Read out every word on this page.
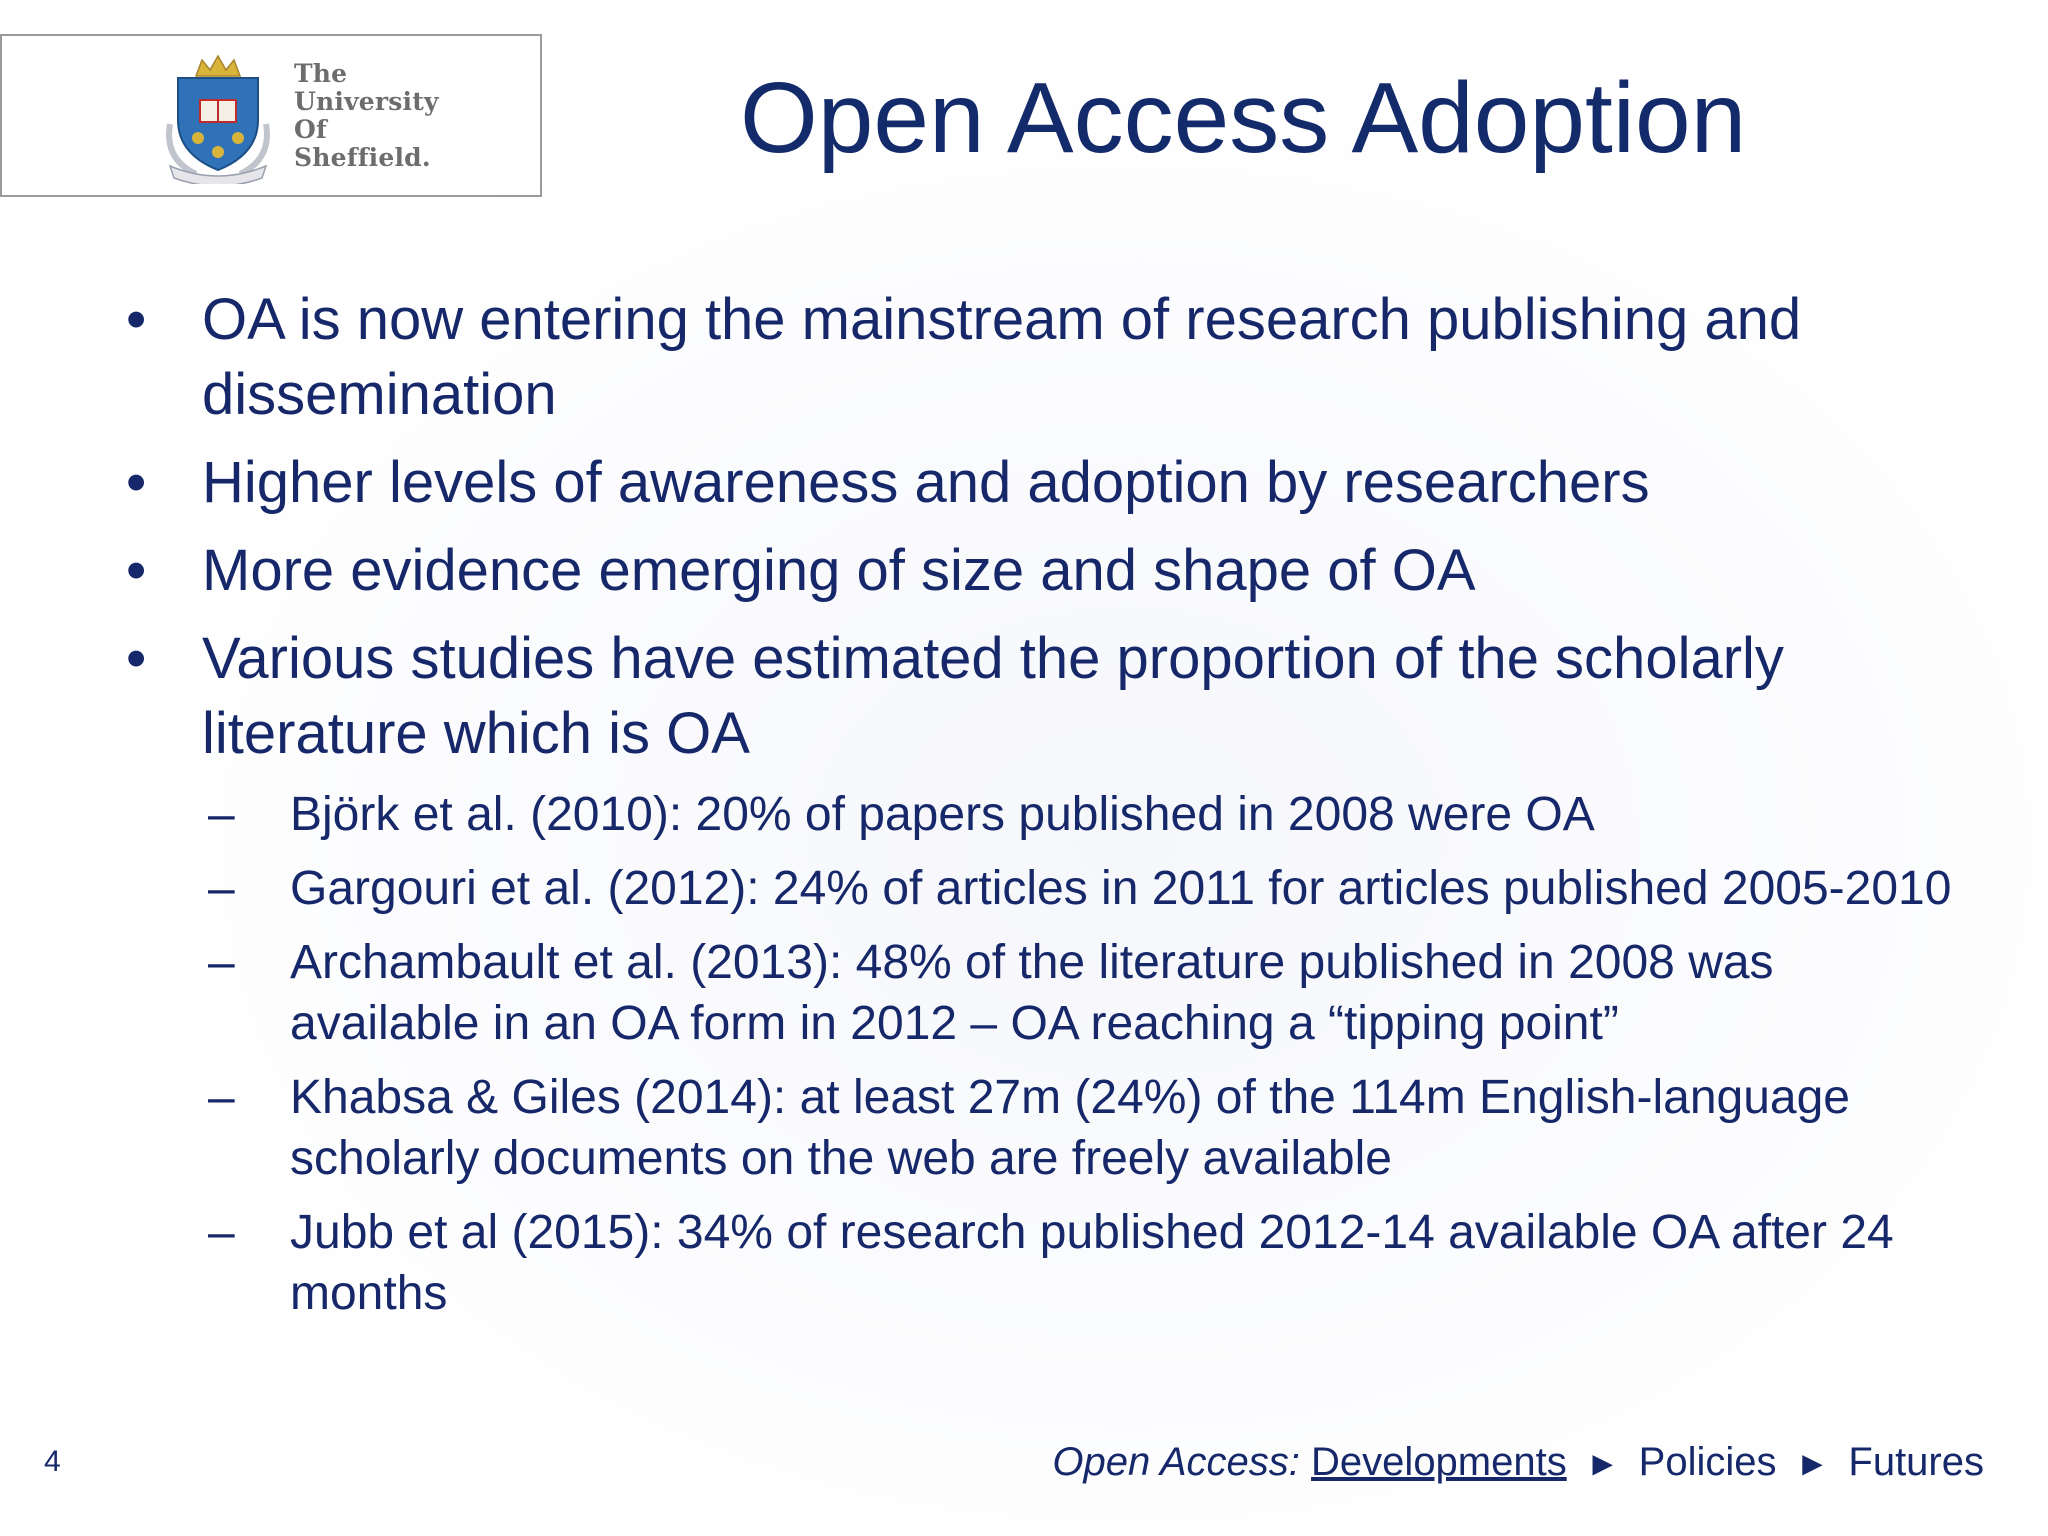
The
University
Of
Sheffield.	Open Access Adoption
• OA is now entering the mainstream of research publishing and dissemination
• Higher levels of awareness and adoption by researchers
• More evidence emerging of size and shape of OA
• Various studies have estimated the proportion of the scholarly literature which is OA
– Björk et al. (2010): 20% of papers published in 2008 were OA
– Gargouri et al. (2012): 24% of articles in 2011 for articles published 2005-2010
– Archambault et al. (2013): 48% of the literature published in 2008 was available in an OA form in 2012 – OA reaching a “tipping point”
– Khabsa & Giles (2014): at least 27m (24%) of the 114m English-language scholarly documents on the web are freely available
– Jubb et al (2015): 34% of research published 2012-14 available OA after 24 months
4	Open Access: Developments ► Policies ► Futures
